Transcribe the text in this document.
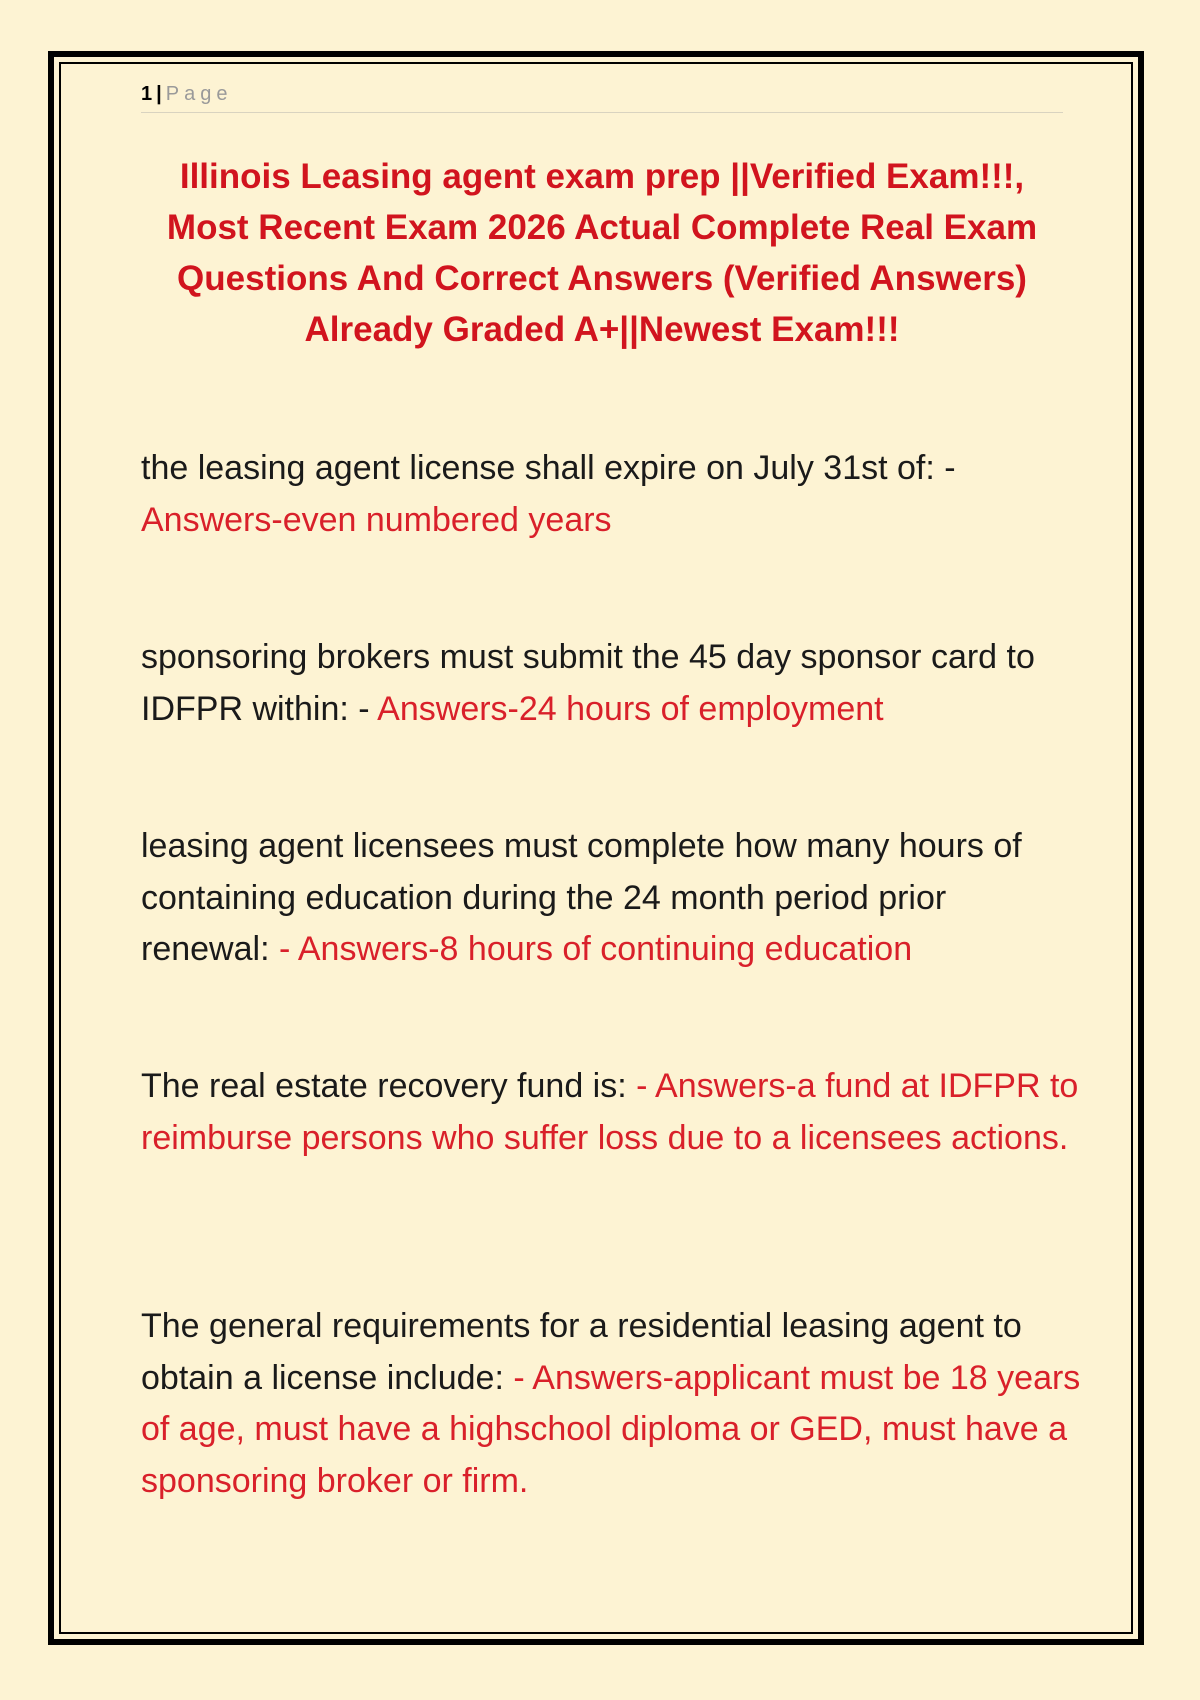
1 | Page
Illinois Leasing agent exam prep ||Verified Exam!!!, Most Recent Exam 2026 Actual Complete Real Exam Questions And Correct Answers (Verified Answers) Already Graded A+||Newest Exam!!!
the leasing agent license shall expire on July 31st of: - Answers-even numbered years
sponsoring brokers must submit the 45 day sponsor card to IDFPR within: - Answers-24 hours of employment
leasing agent licensees must complete how many hours of containing education during the 24 month period prior renewal: - Answers-8 hours of continuing education
The real estate recovery fund is: - Answers-a fund at IDFPR to reimburse persons who suffer loss due to a licensees actions.
The general requirements for a residential leasing agent to obtain a license include: - Answers-applicant must be 18 years of age, must have a highschool diploma or GED, must have a sponsoring broker or firm.
